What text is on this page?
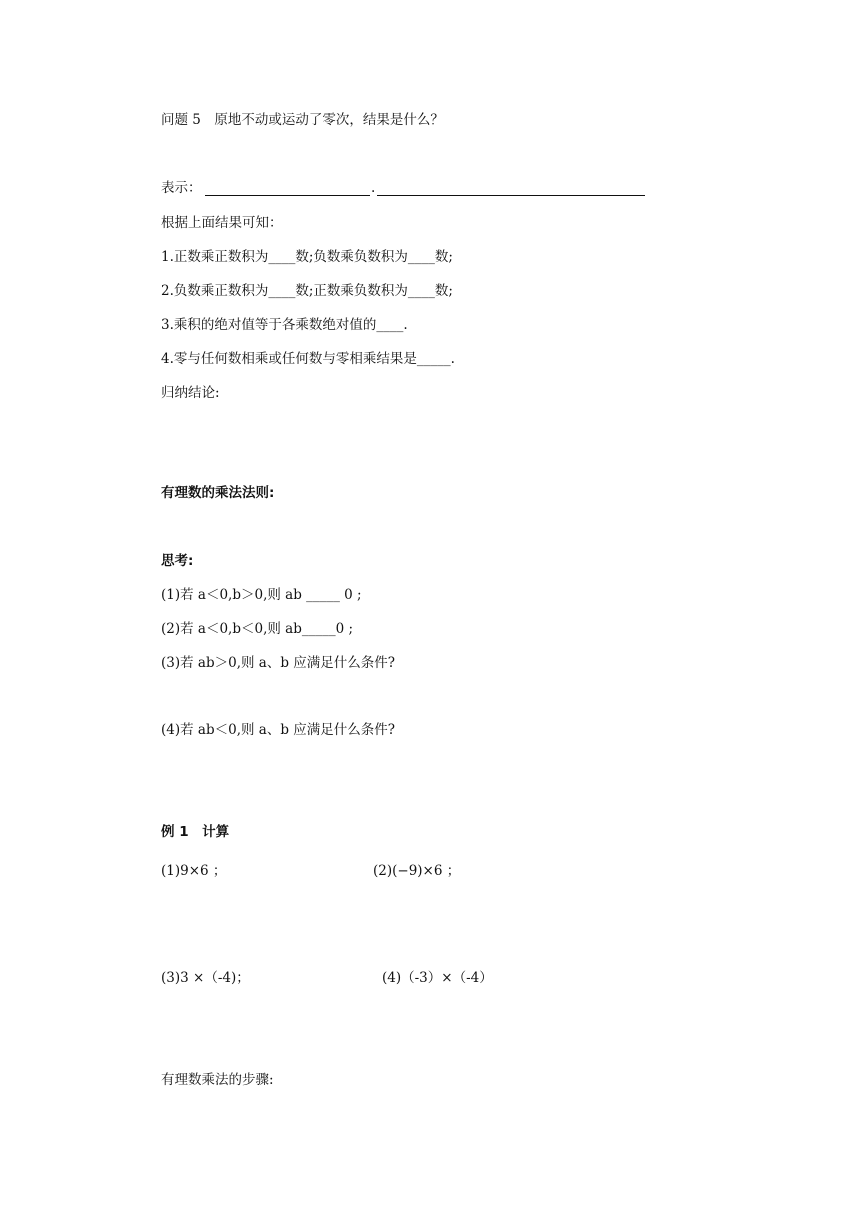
问题 5　原地不动或运动了零次，结果是什么？
表示：	.
根据上面结果可知：
1.正数乘正数积为____数;负数乘负数积为____数;
2.负数乘正数积为____数;正数乘负数积为____数;
3.乘积的绝对值等于各乘数绝对值的____.
4.零与任何数相乘或任何数与零相乘结果是_____.
归纳结论:
有理数的乘法法则:
思考:
(1)若 a＜0,b＞0,则 ab _____ 0 ;
(2)若 a＜0,b＜0,则 ab_____0 ;
(3)若 ab＞0,则 a、b 应满足什么条件?
(4)若 ab＜0,则 a、b 应满足什么条件?
例 1　计算
(1)9×6 ；	(2)(−9)×6 ；
(3)3 ×（-4)；	(4)（-3）×（-4）
有理数乘法的步骤:
